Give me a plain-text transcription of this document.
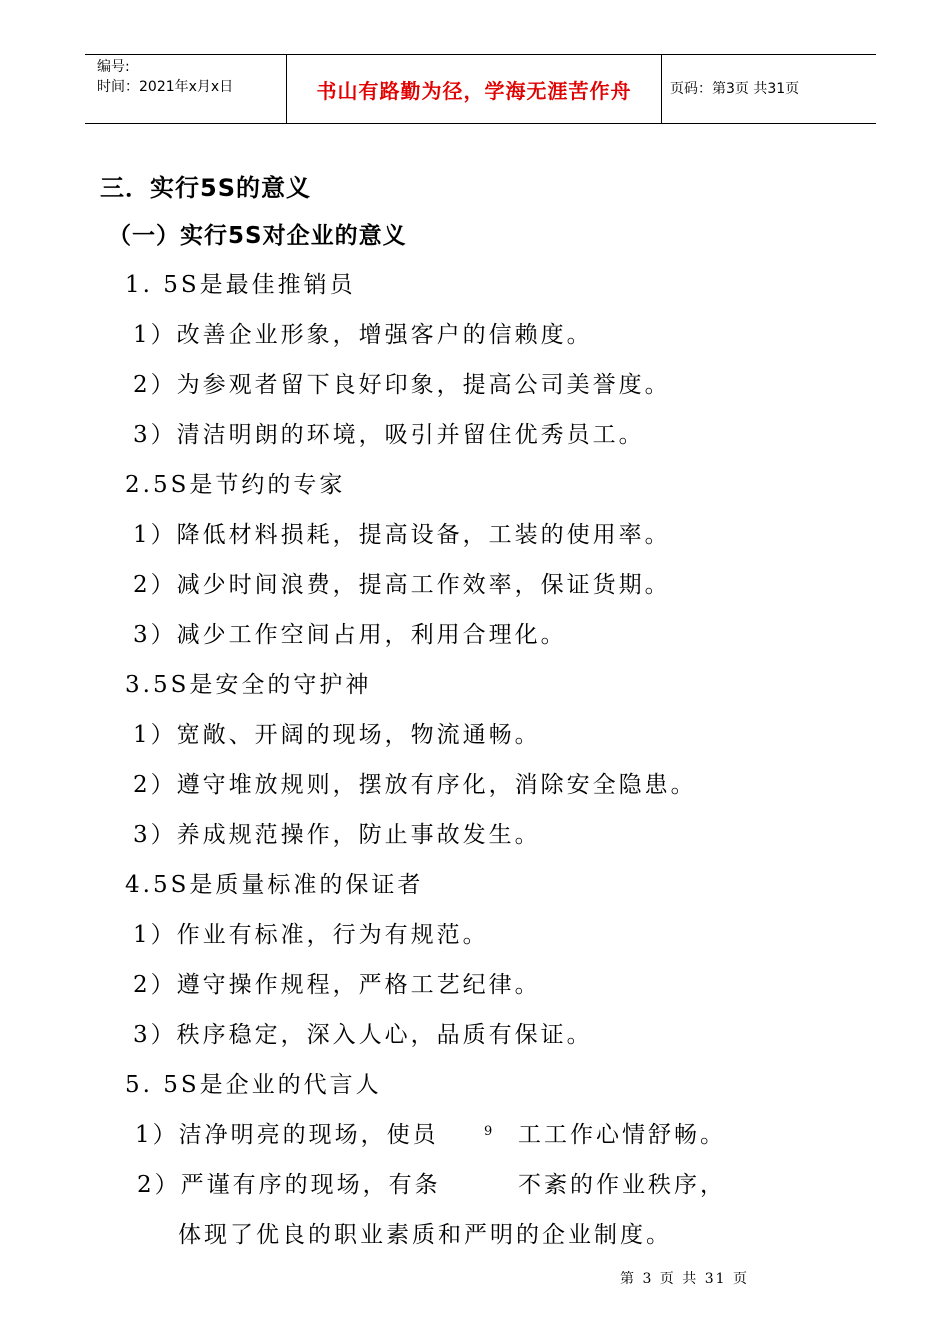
编号:
时间：2021年x月x日	书山有路勤为径，学海无涯苦作舟	页码：第3页 共31页
三．实行5S的意义
（一）实行5S对企业的意义
1. 5S是最佳推销员
1）改善企业形象，增强客户的信赖度。
2）为参观者留下良好印象，提高公司美誉度。
3）清洁明朗的环境，吸引并留住优秀员工。
2.5S是节约的专家
1）降低材料损耗，提高设备，工装的使用率。
2）减少时间浪费，提高工作效率，保证货期。
3）减少工作空间占用，利用合理化。
3.5S是安全的守护神
1）宽敞、开阔的现场，物流通畅。
2）遵守堆放规则，摆放有序化，消除安全隐患。
3）养成规范操作，防止事故发生。
4.5S是质量标准的保证者
1）作业有标准，行为有规范。
2）遵守操作规程，严格工艺纪律。
3）秩序稳定，深入人心，品质有保证。
5. 5S是企业的代言人
1）洁净明亮的现场，使员	9 工工作心情舒畅。
2）严谨有序的现场，有条	不紊的作业秩序，
体现了优良的职业素质和严明的企业制度。
第 3 页 共 31 页
